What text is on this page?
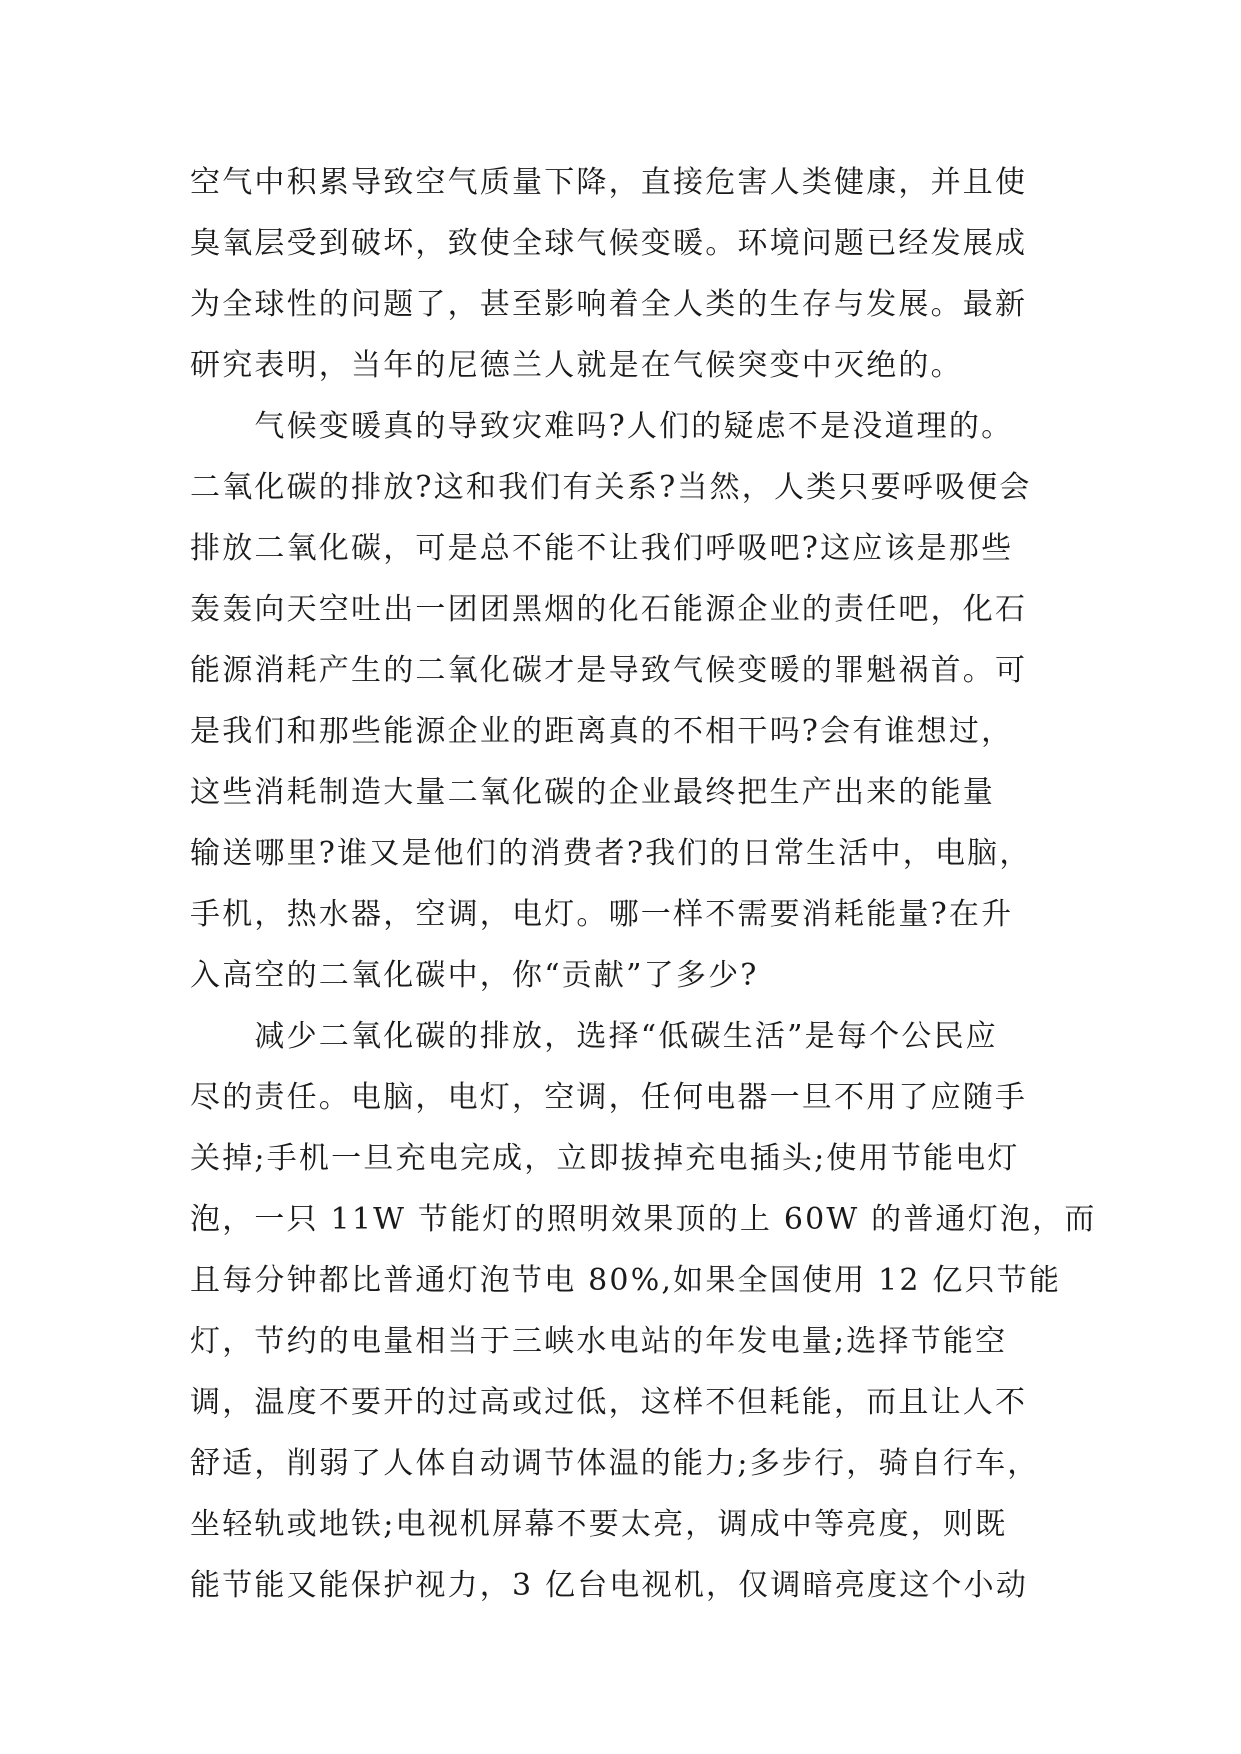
空气中积累导致空气质量下降，直接危害人类健康，并且使
臭氧层受到破坏，致使全球气候变暖。环境问题已经发展成
为全球性的问题了，甚至影响着全人类的生存与发展。最新
研究表明，当年的尼德兰人就是在气候突变中灭绝的。
　　气候变暖真的导致灾难吗?人们的疑虑不是没道理的。
二氧化碳的排放?这和我们有关系?当然，人类只要呼吸便会
排放二氧化碳，可是总不能不让我们呼吸吧?这应该是那些
轰轰向天空吐出一团团黑烟的化石能源企业的责任吧，化石
能源消耗产生的二氧化碳才是导致气候变暖的罪魁祸首。可
是我们和那些能源企业的距离真的不相干吗?会有谁想过，
这些消耗制造大量二氧化碳的企业最终把生产出来的能量
输送哪里?谁又是他们的消费者?我们的日常生活中，电脑，
手机，热水器，空调，电灯。哪一样不需要消耗能量?在升
入高空的二氧化碳中，你“贡献”了多少?
　　减少二氧化碳的排放，选择“低碳生活”是每个公民应
尽的责任。电脑，电灯，空调，任何电器一旦不用了应随手
关掉;手机一旦充电完成，立即拔掉充电插头;使用节能电灯
泡，一只 11W 节能灯的照明效果顶的上 60W 的普通灯泡，而
且每分钟都比普通灯泡节电 80%,如果全国使用 12 亿只节能
灯，节约的电量相当于三峡水电站的年发电量;选择节能空
调，温度不要开的过高或过低，这样不但耗能，而且让人不
舒适，削弱了人体自动调节体温的能力;多步行，骑自行车，
坐轻轨或地铁;电视机屏幕不要太亮，调成中等亮度，则既
能节能又能保护视力，3 亿台电视机，仅调暗亮度这个小动
